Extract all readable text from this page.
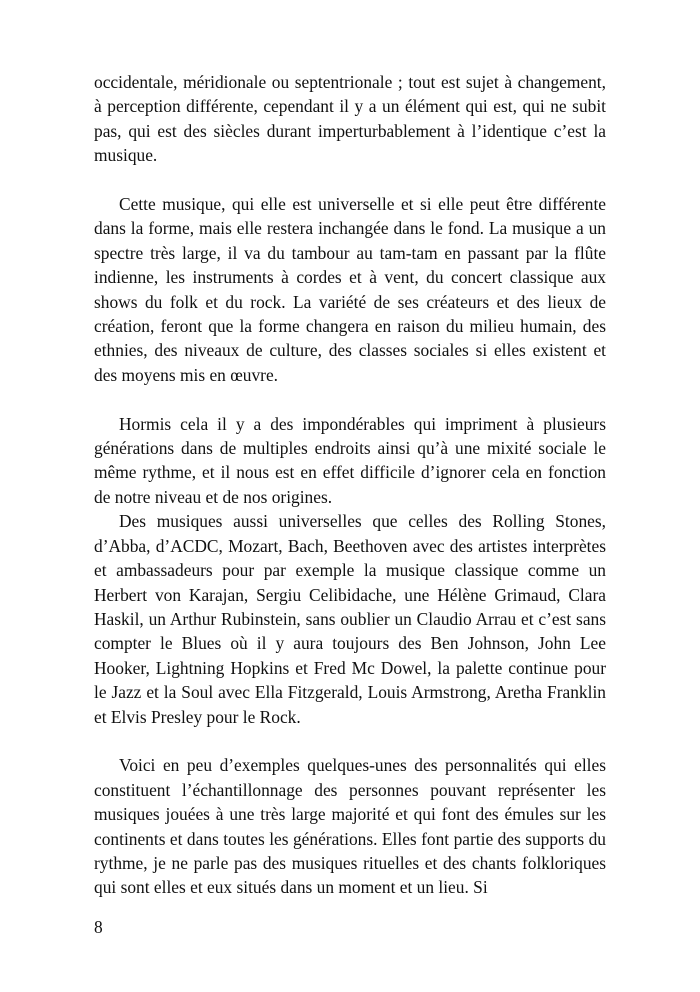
occidentale, méridionale ou septentrionale ; tout est sujet à changement, à perception différente, cependant il y a un élément qui est, qui ne subit pas, qui est des siècles durant imperturbablement à l’identique c’est la musique.

Cette musique, qui elle est universelle et si elle peut être différente dans la forme, mais elle restera inchangée dans le fond. La musique a un spectre très large, il va du tambour au tam-tam en passant par la flûte indienne, les instruments à cordes et à vent, du concert classique aux shows du folk et du rock. La variété de ses créateurs et des lieux de création, feront que la forme changera en raison du milieu humain, des ethnies, des niveaux de culture, des classes sociales si elles existent et des moyens mis en œuvre.

Hormis cela il y a des impondérables qui impriment à plusieurs générations dans de multiples endroits ainsi qu’à une mixité sociale le même rythme, et il nous est en effet difficile d’ignorer cela en fonction de notre niveau et de nos origines.

Des musiques aussi universelles que celles des Rolling Stones, d’Abba, d’ACDC, Mozart, Bach, Beethoven avec des artistes interprètes et ambassadeurs pour par exemple la musique classique comme un Herbert von Karajan, Sergiu Celibidache, une Hélène Grimaud, Clara Haskil, un Arthur Rubinstein, sans oublier un Claudio Arrau et c’est sans compter le Blues où il y aura toujours des Ben Johnson, John Lee Hooker, Lightning Hopkins et Fred Mc Dowel, la palette continue pour le Jazz et la Soul avec Ella Fitzgerald, Louis Armstrong, Aretha Franklin et Elvis Presley pour le Rock.

Voici en peu d’exemples quelques-unes des personnalités qui elles constituent l’échantillonnage des personnes pouvant représenter les musiques jouées à une très large majorité et qui font des émules sur les continents et dans toutes les générations. Elles font partie des supports du rythme, je ne parle pas des musiques rituelles et des chants folkloriques qui sont elles et eux situés dans un moment et un lieu. Si

8
